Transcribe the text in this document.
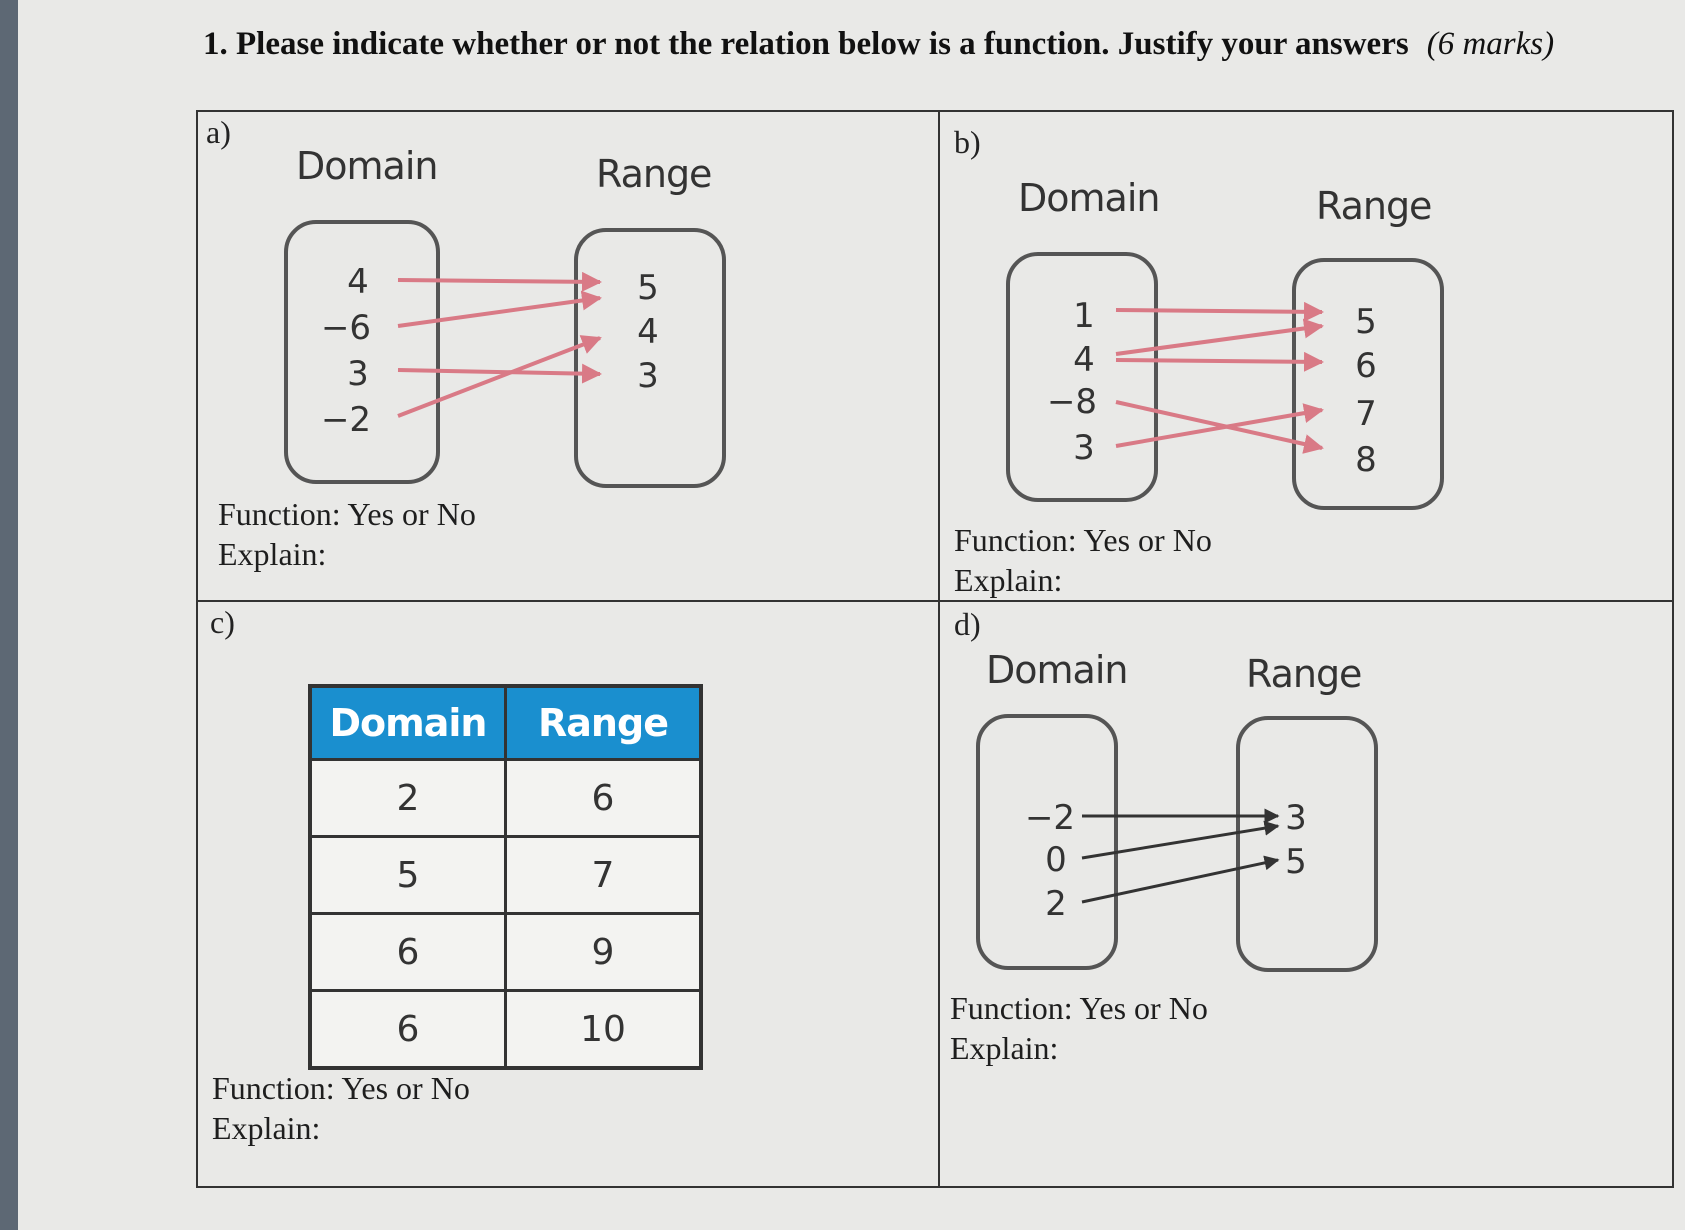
1. Please indicate whether or not the relation below is a function. Justify your answers (6 marks)
a)
Domain	Range
4
−6
3
−2
5
4
3
Function: Yes or No
Explain:
b)
Domain	Range
1
4
−8
3
5
6
7
8
Function: Yes or No
Explain:
c)
Domain	Range
2	6
5	7
6	9
6	10
Function: Yes or No
Explain:
d)
Domain	Range
−2
0
2
3
5
Function: Yes or No
Explain:
